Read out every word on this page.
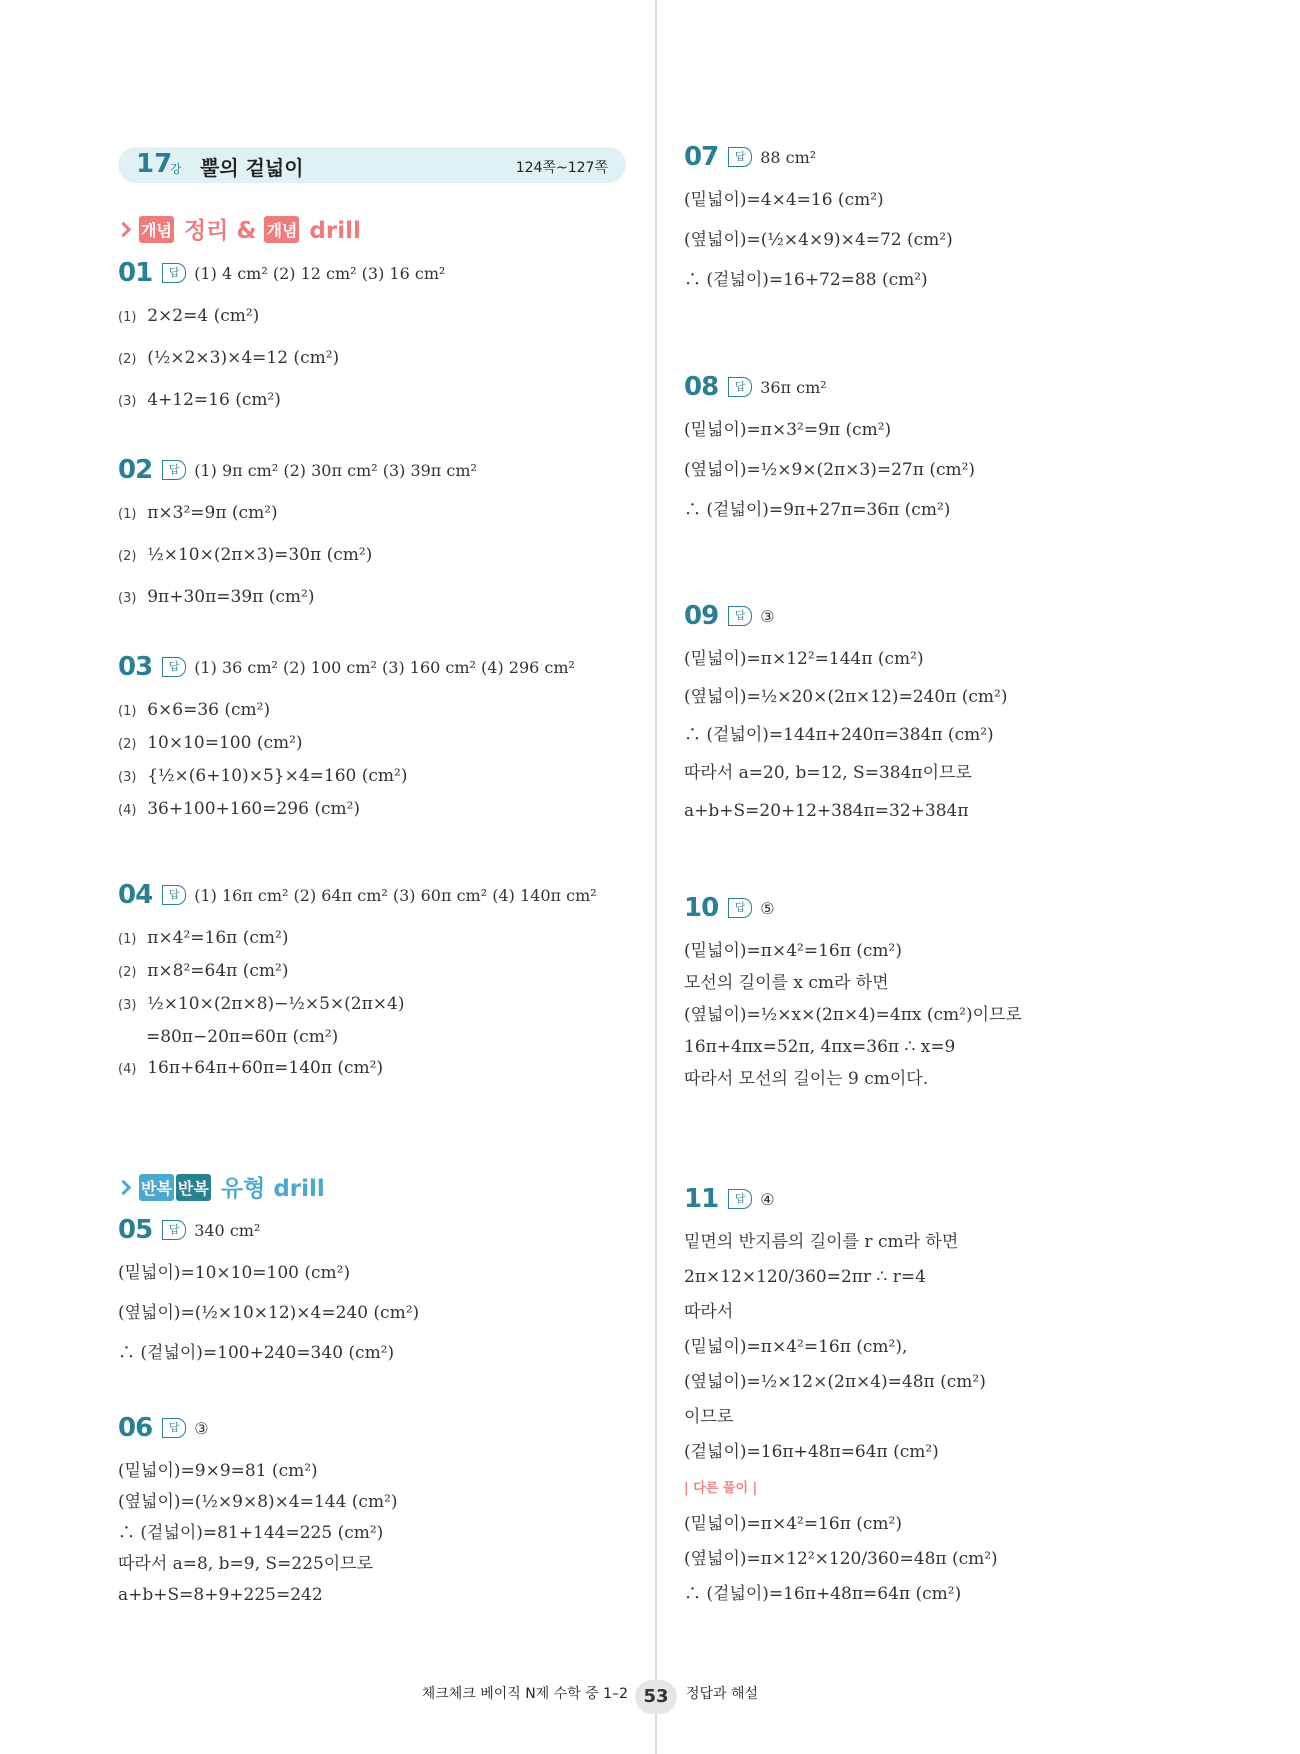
17
강 뿔의 겉넓이	124쪽~127쪽
개념 정리 & 개념 drill
반복 반복 유형 drill
01 답 (1) 4 cm² (2) 12 cm² (3) 16 cm²
(1) 2×2=4 (cm²)
(2) (½×2×3)×4=12 (cm²)
(3) 4+12=16 (cm²)
02 답 (1) 9π cm² (2) 30π cm² (3) 39π cm²
(1) π×3²=9π (cm²)
(2) ½×10×(2π×3)=30π (cm²)
(3) 9π+30π=39π (cm²)
03 답 (1) 36 cm² (2) 100 cm² (3) 160 cm² (4) 296 cm²
(1) 6×6=36 (cm²)
(2) 10×10=100 (cm²)
(3) {½×(6+10)×5}×4=160 (cm²)
(4) 36+100+160=296 (cm²)
04 답 (1) 16π cm² (2) 64π cm² (3) 60π cm² (4) 140π cm²
(1) π×4²=16π (cm²)
(2) π×8²=64π (cm²)
(3) ½×10×(2π×8)−½×5×(2π×4)
=80π−20π=60π (cm²)
(4) 16π+64π+60π=140π (cm²)
05 답 340 cm²
(밑넓이)=10×10=100 (cm²)
(옆넓이)=(½×10×12)×4=240 (cm²)
∴ (겉넓이)=100+240=340 (cm²)
06 답 ③
(밑넓이)=9×9=81 (cm²)
(옆넓이)=(½×9×8)×4=144 (cm²)
∴ (겉넓이)=81+144=225 (cm²)
따라서 a=8, b=9, S=225이므로
a+b+S=8+9+225=242
07 답 88 cm²
(밑넓이)=4×4=16 (cm²)
(옆넓이)=(½×4×9)×4=72 (cm²)
∴ (겉넓이)=16+72=88 (cm²)
08 답 36π cm²
(밑넓이)=π×3²=9π (cm²)
(옆넓이)=½×9×(2π×3)=27π (cm²)
∴ (겉넓이)=9π+27π=36π (cm²)
09 답 ③
(밑넓이)=π×12²=144π (cm²)
(옆넓이)=½×20×(2π×12)=240π (cm²)
∴ (겉넓이)=144π+240π=384π (cm²)
따라서 a=20, b=12, S=384π이므로
a+b+S=20+12+384π=32+384π
10 답 ⑤
(밑넓이)=π×4²=16π (cm²)
모선의 길이를 x cm라 하면
(옆넓이)=½×x×(2π×4)=4πx (cm²)이므로
16π+4πx=52π, 4πx=36π ∴ x=9
따라서 모선의 길이는 9 cm이다.
11 답 ④
밑면의 반지름의 길이를 r cm라 하면
2π×12×120/360=2πr ∴ r=4
따라서
(밑넓이)=π×4²=16π (cm²),
(옆넓이)=½×12×(2π×4)=48π (cm²)
이므로
(겉넓이)=16π+48π=64π (cm²)
| 다른 풀이 |
(밑넓이)=π×4²=16π (cm²)
(옆넓이)=π×12²×120/360=48π (cm²)
∴ (겉넓이)=16π+48π=64π (cm²)
체크체크 베이직 N제 수학 중 1–2 53	정답과 해설
